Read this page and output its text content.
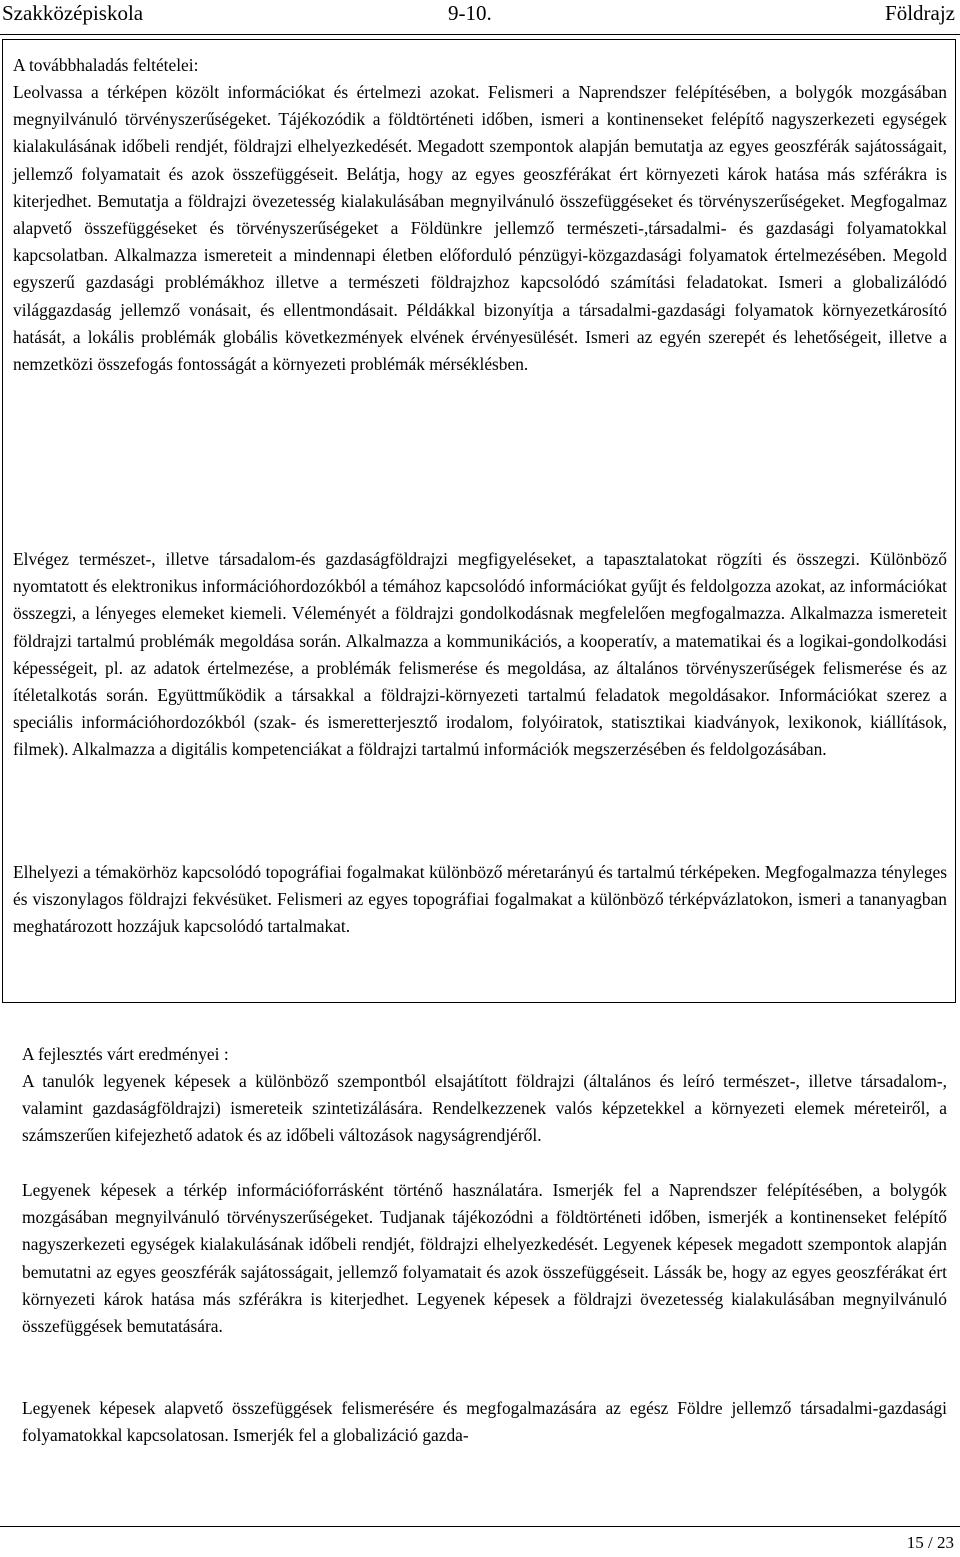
Szakközépiskola	9-10.	Földrajz

A továbbhaladás feltételei:

Leolvassa a térképen közölt információkat és értelmezi azokat. Felismeri a Naprendszer felépítésében, a bolygók mozgásában megnyilvánuló törvényszerűségeket. Tájékozódik a földtörténeti időben, ismeri a kontinenseket felépítő nagyszerkezeti egységek kialakulásának időbeli rendjét, földrajzi elhelyezkedését. Megadott szempontok alapján bemutatja az egyes geoszférák sajátosságait, jellemző folyamatait és azok összefüggéseit. Belátja, hogy az egyes geoszférákat ért környezeti károk hatása más szférákra is kiterjedhet. Bemutatja a földrajzi övezetesség kialakulásában megnyilvánuló összefüggéseket és törvényszerűségeket. Megfogalmaz alapvető összefüggéseket és törvényszerűségeket a Földünkre jellemző természeti-,társadalmi- és gazdasági folyamatokkal kapcsolatban. Alkalmazza ismereteit a mindennapi életben előforduló pénzügyi-közgazdasági folyamatok értelmezésében. Megold egyszerű gazdasági problémákhoz illetve a természeti földrajzhoz kapcsolódó számítási feladatokat. Ismeri a globalizálódó világgazdaság jellemző vonásait, és ellentmondásait. Példákkal bizonyítja a társadalmi-gazdasági folyamatok környezetkárosító hatását, a lokális problémák globális következmények elvének érvényesülését. Ismeri az egyén szerepét és lehetőségeit, illetve a nemzetközi összefogás fontosságát a környezeti problémák mérséklésben.

Elvégez természet-, illetve társadalom-és gazdaságföldrajzi megfigyeléseket, a tapasztalatokat rögzíti és összegzi. Különböző nyomtatott és elektronikus információhordozókból a témához kapcsolódó információkat gyűjt és feldolgozza azokat, az információkat összegzi, a lényeges elemeket kiemeli. Véleményét a földrajzi gondolkodásnak megfelelően megfogalmazza. Alkalmazza ismereteit földrajzi tartalmú problémák megoldása során. Alkalmazza a kommunikációs, a kooperatív, a matematikai és a logikai-gondolkodási képességeit, pl. az adatok értelmezése, a problémák felismerése és megoldása, az általános törvényszerűségek felismerése és az ítéletalkotás során. Együttműködik a társakkal a földrajzi-környezeti tartalmú feladatok megoldásakor. Információkat szerez a speciális információhordozókból (szak- és ismeretterjesztő irodalom, folyóiratok, statisztikai kiadványok, lexikonok, kiállítások, filmek). Alkalmazza a digitális kompetenciákat a földrajzi tartalmú információk megszerzésében és feldolgozásában.

Elhelyezi a témakörhöz kapcsolódó topográfiai fogalmakat különböző méretarányú és tartalmú térképeken. Megfogalmazza tényleges és viszonylagos földrajzi fekvésüket. Felismeri az egyes topográfiai fogalmakat a különböző térképvázlatokon, ismeri a tananyagban meghatározott hozzájuk kapcsolódó tartalmakat.

A fejlesztés várt eredményei :
A tanulók legyenek képesek a különböző szempontból elsajátított földrajzi (általános és leíró természet-, illetve társadalom-, valamint gazdaságföldrajzi) ismereteik szintetizálására. Rendelkezzenek valós képzetekkel a környezeti elemek méreteiről, a számszerűen kifejezhető adatok és az időbeli változások nagyságrendjéről.
Legyenek képesek a térkép információforrásként történő használatára. Ismerjék fel a Naprendszer felépítésében, a bolygók mozgásában megnyilvánuló törvényszerűségeket. Tudjanak tájékozódni a földtörténeti időben, ismerjék a kontinenseket felépítő nagyszerkezeti egységek kialakulásának időbeli rendjét, földrajzi elhelyezkedését. Legyenek képesek megadott szempontok alapján bemutatni az egyes geoszférák sajátosságait, jellemző folyamatait és azok összefüggéseit. Lássák be, hogy az egyes geoszférákat ért környezeti károk hatása más szférákra is kiterjedhet. Legyenek képesek a földrajzi övezetesség kialakulásában megnyilvánuló összefüggések bemutatására.
Legyenek képesek alapvető összefüggések felismerésére és megfogalmazására az egész Földre jellemző társadalmi-gazdasági folyamatokkal kapcsolatosan. Ismerjék fel a globalizáció gazda-
15 / 23
